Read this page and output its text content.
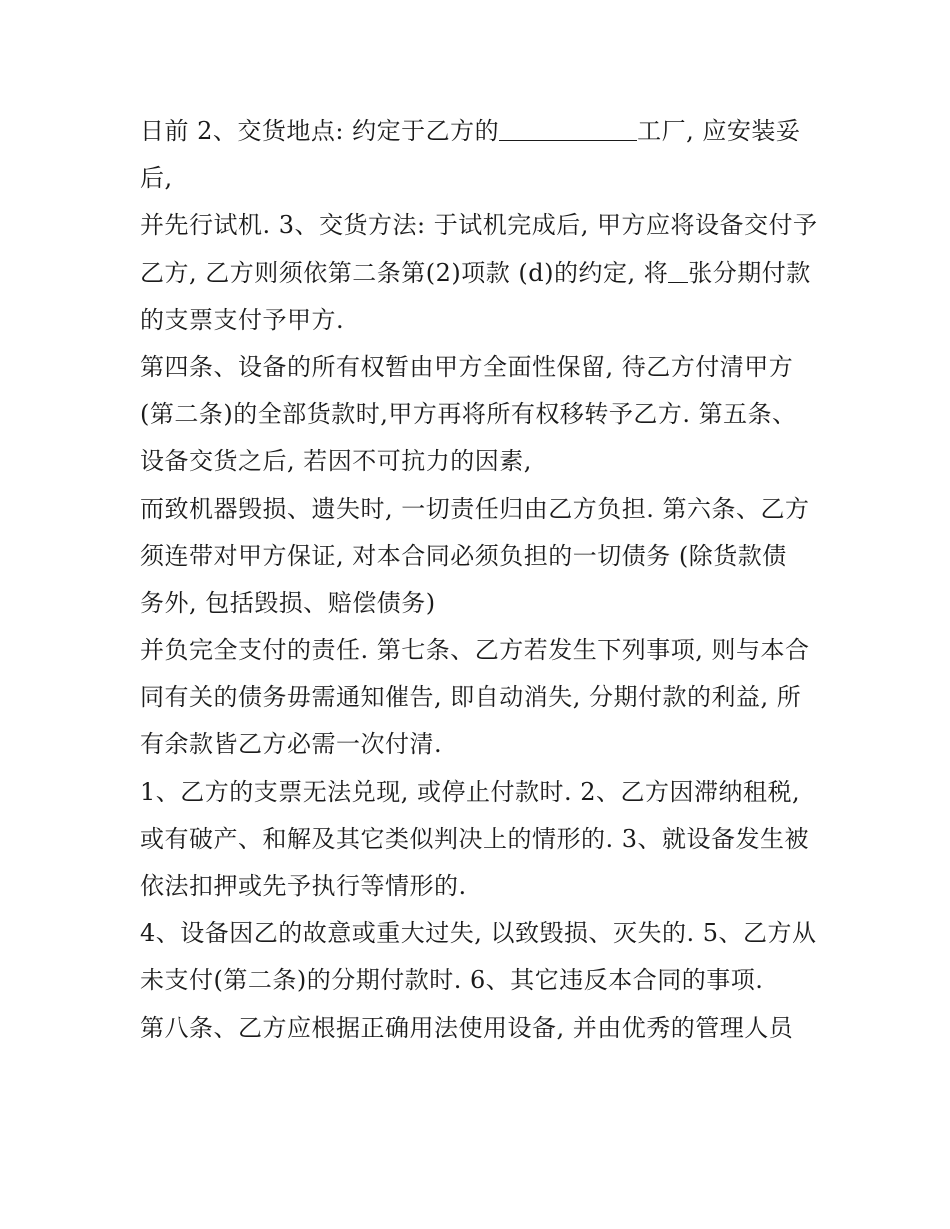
日前 2、交货地点: 约定于乙方的	工厂, 应安装妥
后,
并先行试机. 3、交货方法: 于试机完成后, 甲方应将设备交付予
乙方, 乙方则须依第二条第(2)项款 (d)的约定, 将 张分期付款
的支票支付予甲方.
第四条、设备的所有权暂由甲方全面性保留, 待乙方付清甲方
(第二条)的全部货款时,甲方再将所有权移转予乙方. 第五条、
设备交货之后, 若因不可抗力的因素,
而致机器毁损、遗失时, 一切责任归由乙方负担. 第六条、乙方
须连带对甲方保证, 对本合同必须负担的一切债务 (除货款债
务外, 包括毁损、赔偿债务)
并负完全支付的责任. 第七条、乙方若发生下列事项, 则与本合
同有关的债务毋需通知催告, 即自动消失, 分期付款的利益, 所
有余款皆乙方必需一次付清.
1、乙方的支票无法兑现, 或停止付款时. 2、乙方因滞纳租税,
或有破产、和解及其它类似判决上的情形的. 3、就设备发生被
依法扣押或先予执行等情形的.
4、设备因乙的故意或重大过失, 以致毁损、灭失的. 5、乙方从
未支付(第二条)的分期付款时. 6、其它违反本合同的事项.
第八条、乙方应根据正确用法使用设备, 并由优秀的管理人员
